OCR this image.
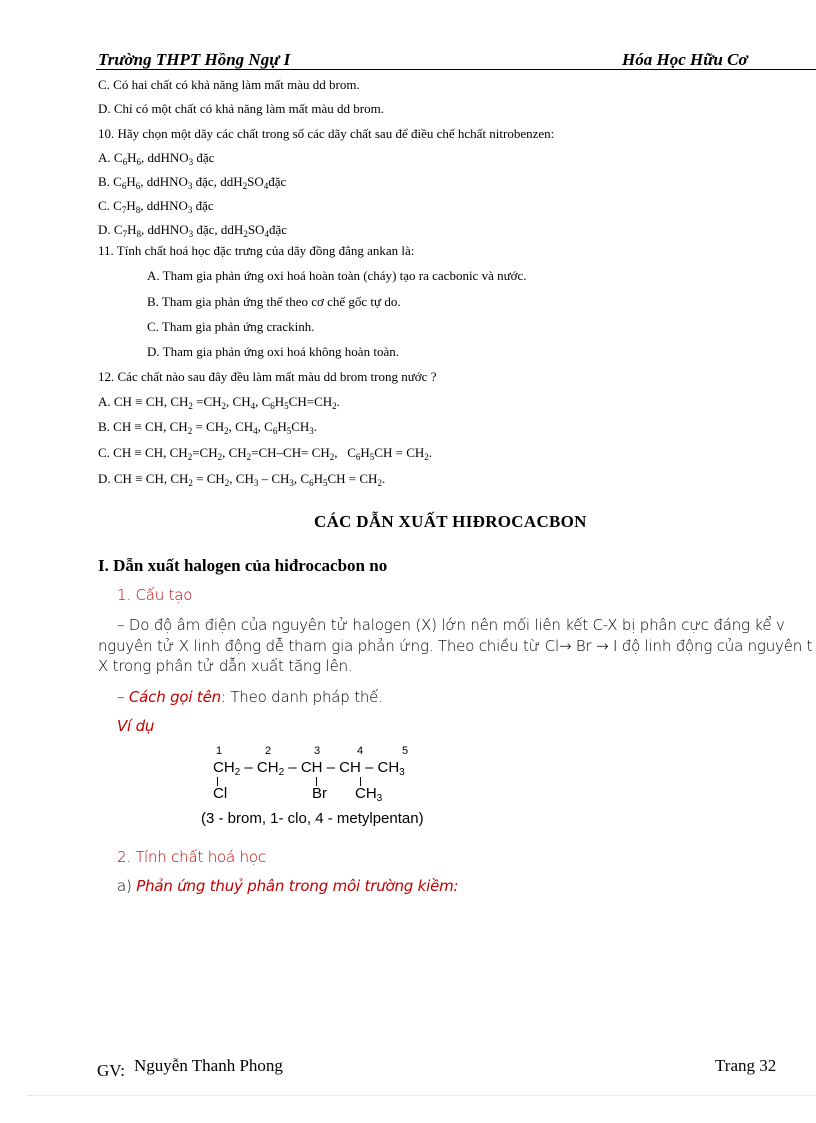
Trường THPT Hồng Ngự I	Hóa Học Hữu Cơ
C. Có hai chất có khả năng làm mất màu dd brom.
D. Chỉ có một chất có khả năng làm mất màu dd brom.
10. Hãy chọn một dãy các chất trong số các dãy chất sau để điều chế hchất nitrobenzen:
A. $C_6H_6$, ddHNO$_3$ đặc
B. $C_6H_6$, ddHNO$_3$ đặc, $ddH_2SO_4đặc$
C. $C_7H_8$, ddHNO$_3$ đặc
D. $C_7H_8$, ddHNO$_3$ đặc, $ddH_2SO_4đặc$
11. Tính chất hoá học đặc trưng của dãy đồng đẳng ankan là:
A. Tham gia phản ứng oxi hoá hoàn toàn (cháy) tạo ra cacbonic và nước.
B. Tham gia phản ứng thế theo cơ chế gốc tự do.
C. Tham gia phản ứng crackinh.
D. Tham gia phản ứng oxi hoá không hoàn toàn.
12. Các chất nào sau đây đều làm mất màu dd brom trong nước ?
A. CH ≡ CH, $CH_2 =CH_2$, $CH_4$, $C_6H_5CH=CH_2$.
B. CH ≡ CH, $CH_2 = CH_2$, $CH_4$, $C_6H_5CH_3$.
C. CH ≡ CH, $CH_2=CH_2$, $CH_2=CH-CH= CH_2$,   $C_6H_5CH = CH_2$.
D. CH ≡ CH, $CH_2 = CH_2$, $CH_3 - CH_3$, $C_6H_5CH = CH_2$.
CÁC DẪN XUẤT HIĐROCACBON
I. Dẫn xuất halogen của hiđrocacbon no
1. Cấu tạo
– Do độ âm điện của nguyên tử halogen (X) lớn nên mối liên kết C-X bị phân cực đáng kể v
nguyên tử X linh động dễ tham gia phản ứng. Theo chiều từ Cl→ Br → I độ linh động của nguyên t
X trong phân tử dẫn xuất tăng lên.
– Cách gọi tên: Theo danh pháp thế.
Ví dụ
1	2	3	4	5
$CH_2 - CH_2$ – CH – CH – $CH_3$
Cl	Br $CH_3$
(3 - brom, 1- clo, 4 - metylpentan)
2. Tính chất hoá học
a) Phản ứng thuỷ phân trong môi trường kiềm:
GV: Nguyễn Thanh Phong	Trang 32
